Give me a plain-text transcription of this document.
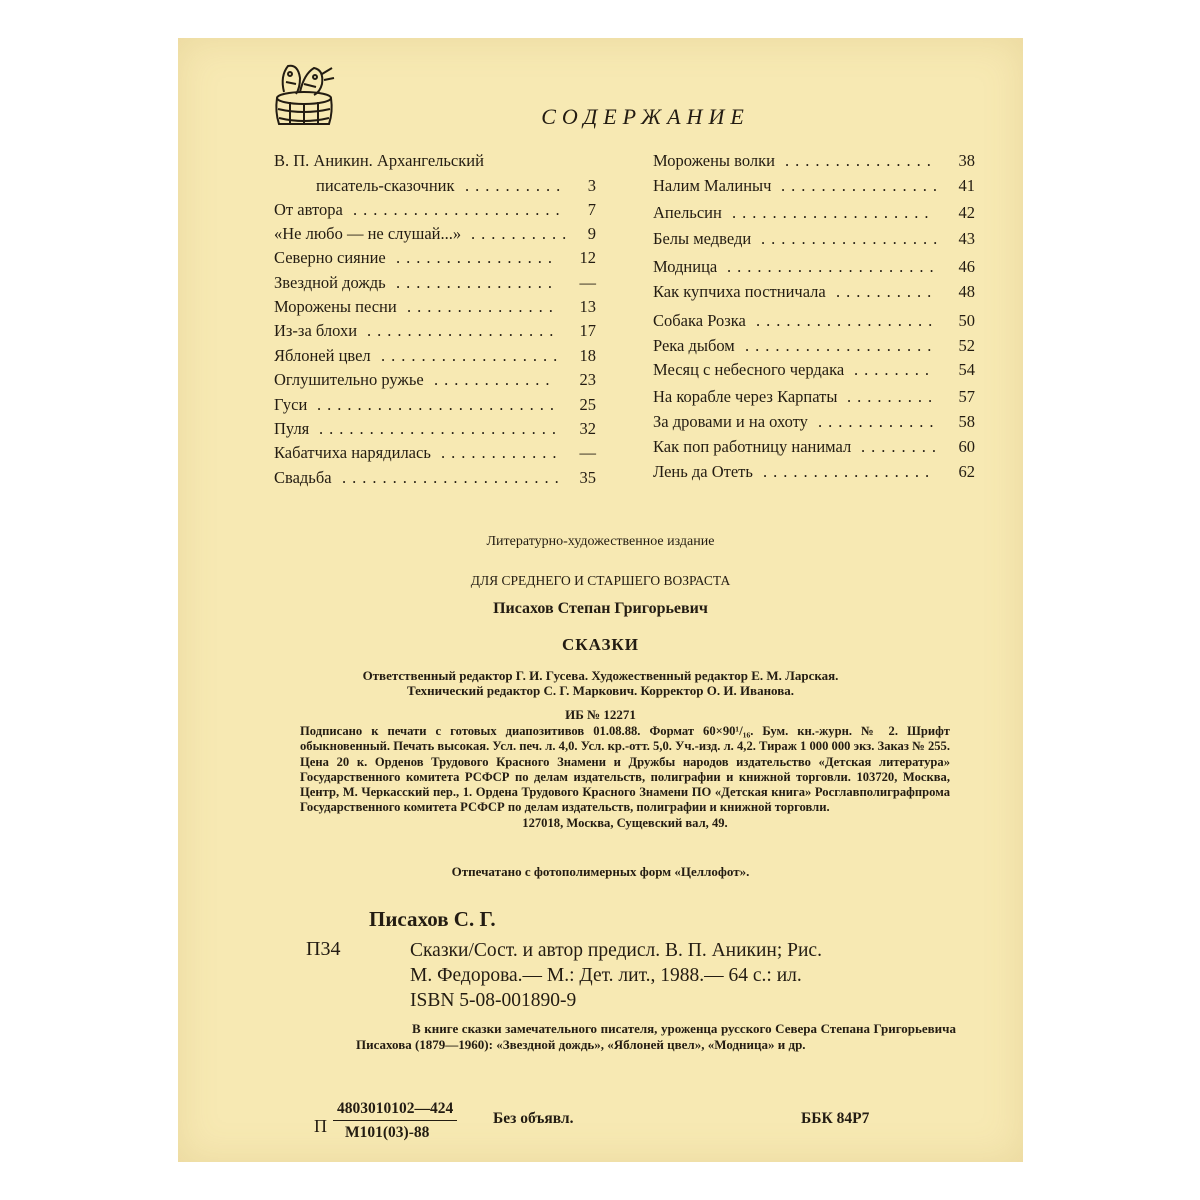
СОДЕРЖАНИЕ
В. П. Аникин. Архангельский
писатель-сказочник .......... 3
От автора ..................... 7
«Не любо — не слушай...» .......... 9
Северно сияние ................ 12
Звездной дождь ................ —
Морожены песни ............... 13
Из-за блохи ................... 17
Яблоней цвел .................. 18
Оглушительно ружье ............ 23
Гуси ........................ 25
Пуля ........................ 32
Кабатчиха нарядилась ............ —
Свадьба ...................... 35
Морожены волки ............... 38
Налим Малиныч ................ 41
Апельсин .................... 42
Белы медведи .................. 43
Модница ..................... 46
Как купчиха постничала .......... 48
Собака Розка .................. 50
Река дыбом ................... 52
Месяц с небесного чердака ........ 54
На корабле через Карпаты ......... 57
За дровами и на охоту ............ 58
Как поп работницу нанимал ........ 60
Лень да Отеть ................. 62
Литературно-художественное издание
ДЛЯ СРЕДНЕГО И СТАРШЕГО ВОЗРАСТА
Писахов Степан Григорьевич
СКАЗКИ
Ответственный редактор Г. И. Гусева. Художественный редактор Е. М. Ларская.
Технический редактор С. Г. Маркович. Корректор О. И. Иванова.
ИБ № 12271
Подписано к печати с готовых диапозитивов 01.08.88. Формат 60×90¹/₁₆. Бум. кн.-журн. № 2. Шрифт обыкновенный. Печать высокая. Усл. печ. л. 4,0. Усл. кр.-отт. 5,0. Уч.-изд. л. 4,2. Тираж 1 000 000 экз. Заказ № 255. Цена 20 к. Орденов Трудового Красного Знамени и Дружбы народов издательство «Детская литература» Государственного комитета РСФСР по делам издательств, полиграфии и книжной торговли. 103720, Москва, Центр, М. Черкасский пер., 1. Ордена Трудового Красного Знамени ПО «Детская книга» Росглавполиграфпрома Государственного комитета РСФСР по делам издательств, полиграфии и книжной торговли.
127018, Москва, Сущевский вал, 49.
Отпечатано с фотополимерных форм «Целлофот».
Писахов С. Г.
П34	Сказки/Сост. и автор предисл. В. П. Аникин; Рис.
М. Федорова.— М.: Дет. лит., 1988.— 64 с.: ил.
ISBN 5-08-001890-9
В книге сказки замечательного писателя, уроженца русского Севера Степана Григорьевича Писахова (1879—1960): «Звездной дождь», «Яблоней цвел», «Модница» и др.
П
4803010102—424
М101(03)-88
Без объявл.	ББК 84Р7
